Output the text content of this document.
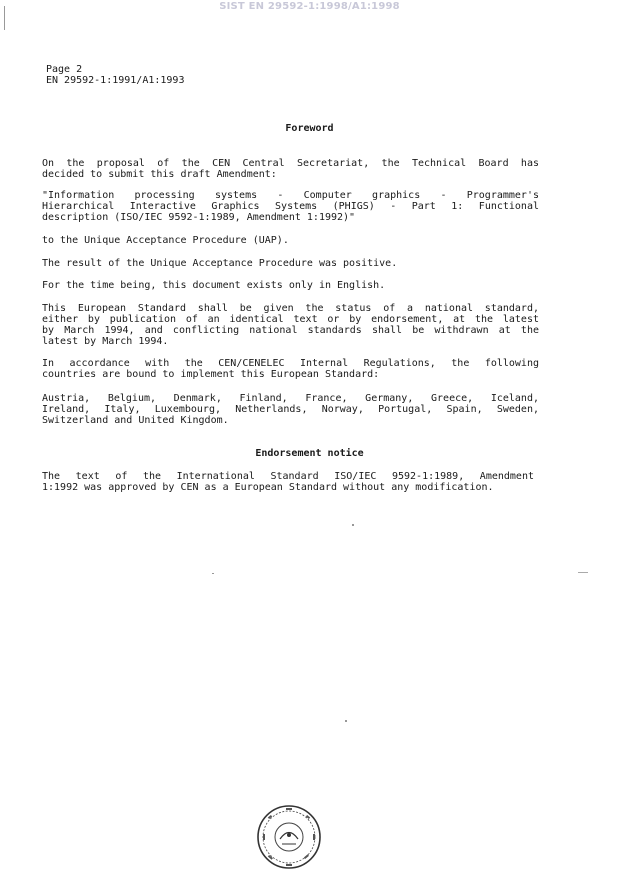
SIST EN 29592-1:1998/A1:1998
Page 2
EN 29592-1:1991/A1:1993
Foreword
On the proposal of the CEN Central Secretariat, the Technical Board has
decided to submit this draft Amendment:
"Information processing systems - Computer graphics - Programmer's
Hierarchical Interactive Graphics Systems (PHIGS) - Part 1: Functional
description (ISO/IEC 9592-1:1989, Amendment 1:1992)"
to the Unique Acceptance Procedure (UAP).
The result of the Unique Acceptance Procedure was positive.
For the time being, this document exists only in English.
This European Standard shall be given the status of a national standard,
either by publication of an identical text or by endorsement, at the latest
by March 1994, and conflicting national standards shall be withdrawn at the
latest by March 1994.
In accordance with the CEN/CENELEC Internal Regulations, the following
countries are bound to implement this European Standard:
Austria, Belgium, Denmark, Finland, France, Germany, Greece, Iceland,
Ireland, Italy, Luxembourg, Netherlands, Norway, Portugal, Spain, Sweden,
Switzerland and United Kingdom.
Endorsement notice
The text of the International Standard ISO/IEC 9592-1:1989, Amendment
1:1992 was approved by CEN as a European Standard without any modification.
